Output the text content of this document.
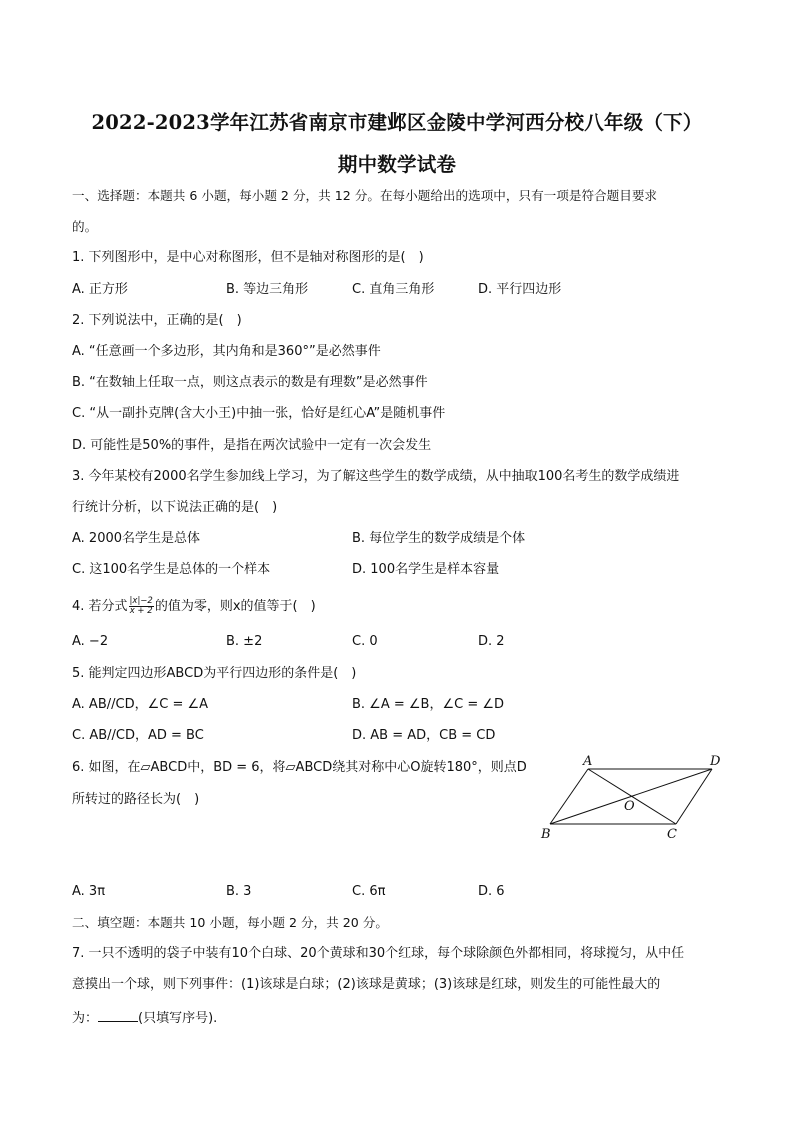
2022-2023学年江苏省南京市建邺区金陵中学河西分校八年级（下）
期中数学试卷
一、选择题：本题共 6 小题，每小题 2 分，共 12 分。在每小题给出的选项中，只有一项是符合题目要求
的。
1. 下列图形中，是中心对称图形，但不是轴对称图形的是(　)
A. 正方形	B. 等边三角形	C. 直角三角形	D. 平行四边形
2. 下列说法中，正确的是(　)
A. “任意画一个多边形，其内角和是360°”是必然事件
B. “在数轴上任取一点，则这点表示的数是有理数”是必然事件
C. “从一副扑克牌(含大小王)中抽一张，恰好是红心A”是随机事件
D. 可能性是50%的事件，是指在两次试验中一定有一次会发生
3. 今年某校有2000名学生参加线上学习，为了解这些学生的数学成绩，从中抽取100名考生的数学成绩进
行统计分析，以下说法正确的是(　)
A. 2000名学生是总体	B. 每位学生的数学成绩是个体
C. 这100名学生是总体的一个样本	D. 100名学生是样本容量
4. 若分式 $\frac{|x|-2}{x + 2}$ 的值为零，则x的值等于(　)
A. −2	B. ±2	C. 0	D. 2
5. 能判定四边形ABCD为平行四边形的条件是(　)
A. AB//CD，∠C = ∠A	B. ∠A = ∠B，∠C = ∠D
C. AB//CD，AD = BC	D. AB = AD，CB = CD
6. 如图，在▱ABCD中，BD = 6，将▱ABCD绕其对称中心O旋转180°，则点D
所转过的路径长为(　)
A	D
O
B	C
A. 3π	B. 3	C. 6π	D. 6
二、填空题：本题共 10 小题，每小题 2 分，共 20 分。
7. 一只不透明的袋子中装有10个白球、20个黄球和30个红球，每个球除颜色外都相同，将球搅匀，从中任
意摸出一个球，则下列事件：(1)该球是白球；(2)该球是黄球；(3)该球是红球，则发生的可能性最大的
为：	(只填写序号).
